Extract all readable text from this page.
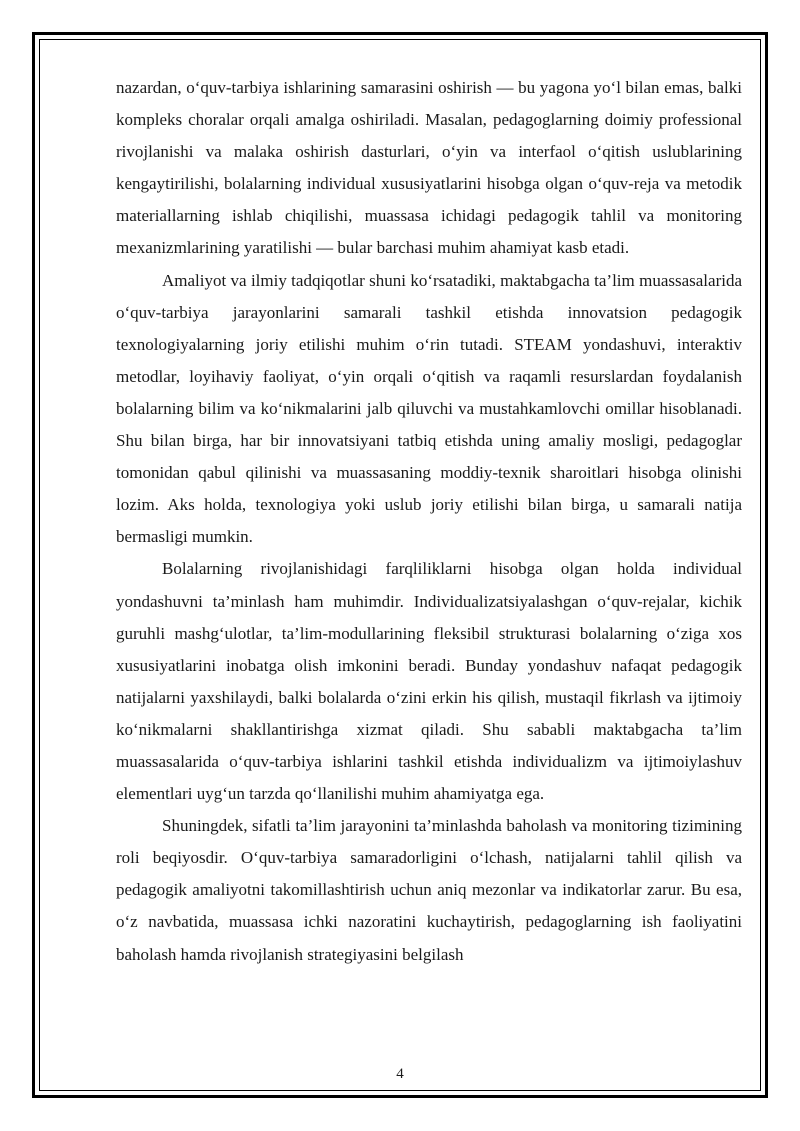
nazardan, o‘quv-tarbiya ishlarining samarasini oshirish — bu yagona yo‘l bilan emas, balki kompleks choralar orqali amalga oshiriladi. Masalan, pedagoglarning doimiy professional rivojlanishi va malaka oshirish dasturlari, o‘yin va interfaol o‘qitish uslublarining kengaytirilishi, bolalarning individual xususiyatlarini hisobga olgan o‘quv-reja va metodik materiallarning ishlab chiqilishi, muassasa ichidagi pedagogik tahlil va monitoring mexanizmlarining yaratilishi — bular barchasi muhim ahamiyat kasb etadi.

Amaliyot va ilmiy tadqiqotlar shuni ko‘rsatadiki, maktabgacha ta’lim muassasalarida o‘quv-tarbiya jarayonlarini samarali tashkil etishda innovatsion pedagogik texnologiyalarning joriy etilishi muhim o‘rin tutadi. STEAM yondashuvi, interaktiv metodlar, loyihaviy faoliyat, o‘yin orqali o‘qitish va raqamli resurslardan foydalanish bolalarning bilim va ko‘nikmalarini jalb qiluvchi va mustahkamlovchi omillar hisoblanadi. Shu bilan birga, har bir innovatsiyani tatbiq etishda uning amaliy mosligi, pedagoglar tomonidan qabul qilinishi va muassasaning moddiy-texnik sharoitlari hisobga olinishi lozim. Aks holda, texnologiya yoki uslub joriy etilishi bilan birga, u samarali natija bermasligi mumkin.

Bolalarning rivojlanishidagi farqliliklarni hisobga olgan holda individual yondashuvni ta’minlash ham muhimdir. Individualizatsiyalashgan o‘quv-rejalar, kichik guruhli mashg‘ulotlar, ta’lim-modullarining fleksibil strukturasi bolalarning o‘ziga xos xususiyatlarini inobatga olish imkonini beradi. Bunday yondashuv nafaqat pedagogik natijalarni yaxshilaydi, balki bolalarda o‘zini erkin his qilish, mustaqil fikrlash va ijtimoiy ko‘nikmalarni shakllantirishga xizmat qiladi. Shu sababli maktabgacha ta’lim muassasalarida o‘quv-tarbiya ishlarini tashkil etishda individualizm va ijtimoiylashuv elementlari uyg‘un tarzda qo‘llanilishi muhim ahamiyatga ega.

Shuningdek, sifatli ta’lim jarayonini ta’minlashda baholash va monitoring tizimining roli beqiyosdir. O‘quv-tarbiya samaradorligini o‘lchash, natijalarni tahlil qilish va pedagogik amaliyotni takomillashtirish uchun aniq mezonlar va indikatorlar zarur. Bu esa, o‘z navbatida, muassasa ichki nazoratini kuchaytirish, pedagoglarning ish faoliyatini baholash hamda rivojlanish strategiyasini belgilash

4
